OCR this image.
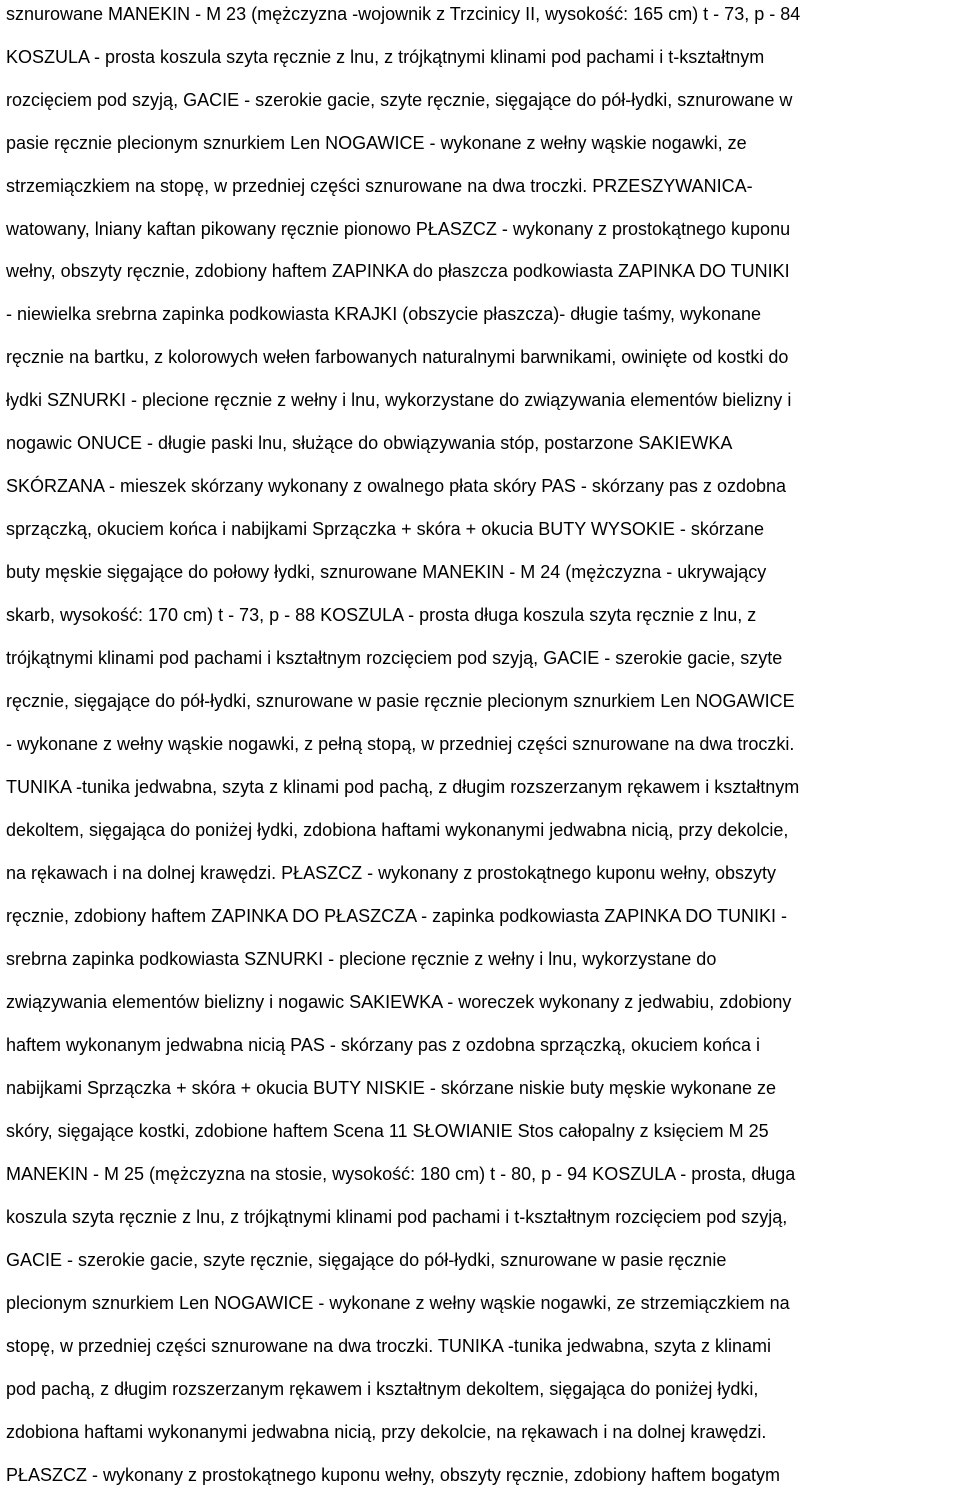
sznurowane MANEKIN - M 23 (mężczyzna -wojownik z Trzcinicy II, wysokość: 165 cm) t - 73, p - 84
KOSZULA - prosta koszula szyta ręcznie z lnu, z trójkątnymi klinami pod pachami i t-kształtnym
rozcięciem pod szyją, GACIE - szerokie gacie, szyte ręcznie, sięgające do pół-łydki, sznurowane w
pasie ręcznie plecionym sznurkiem Len NOGAWICE - wykonane z wełny wąskie nogawki, ze
strzemiączkiem na stopę, w przedniej części sznurowane na dwa troczki. PRZESZYWANICA-
watowany, lniany kaftan pikowany ręcznie pionowo PŁASZCZ - wykonany z prostokątnego kuponu
wełny, obszyty ręcznie, zdobiony haftem ZAPINKA do płaszcza podkowiasta ZAPINKA DO TUNIKI
- niewielka srebrna zapinka podkowiasta KRAJKI (obszycie płaszcza)- długie taśmy, wykonane
ręcznie na bartku, z kolorowych wełen farbowanych naturalnymi barwnikami, owinięte od kostki do
łydki SZNURKI - plecione ręcznie z wełny i lnu, wykorzystane do związywania elementów bielizny i
nogawic ONUCE - długie paski lnu, służące do obwiązywania stóp, postarzone SAKIEWKA
SKÓRZANA - mieszek skórzany wykonany z owalnego płata skóry PAS - skórzany pas z ozdobna
sprzączką, okuciem końca i nabijkami Sprzączka + skóra + okucia BUTY WYSOKIE - skórzane
buty męskie sięgające do połowy łydki, sznurowane MANEKIN - M 24 (mężczyzna - ukrywający
skarb, wysokość: 170 cm) t - 73, p - 88 KOSZULA - prosta długa koszula szyta ręcznie z lnu, z
trójkątnymi klinami pod pachami i kształtnym rozcięciem pod szyją, GACIE - szerokie gacie, szyte
ręcznie, sięgające do pół-łydki, sznurowane w pasie ręcznie plecionym sznurkiem Len NOGAWICE
- wykonane z wełny wąskie nogawki, z pełną stopą, w przedniej części sznurowane na dwa troczki.
TUNIKA -tunika jedwabna, szyta z klinami pod pachą, z długim rozszerzanym rękawem i kształtnym
dekoltem, sięgająca do poniżej łydki, zdobiona haftami wykonanymi jedwabna nicią, przy dekolcie,
na rękawach i na dolnej krawędzi. PŁASZCZ - wykonany z prostokątnego kuponu wełny, obszyty
ręcznie, zdobiony haftem ZAPINKA DO PŁASZCZA - zapinka podkowiasta ZAPINKA DO TUNIKI -
srebrna zapinka podkowiasta SZNURKI - plecione ręcznie z wełny i lnu, wykorzystane do
związywania elementów bielizny i nogawic SAKIEWKA - woreczek wykonany z jedwabiu, zdobiony
haftem wykonanym jedwabna nicią PAS - skórzany pas z ozdobna sprzączką, okuciem końca i
nabijkami Sprzączka + skóra + okucia BUTY NISKIE - skórzane niskie buty męskie wykonane ze
skóry, sięgające kostki, zdobione haftem Scena 11 SŁOWIANIE Stos całopalny z księciem M 25
MANEKIN - M 25 (mężczyzna na stosie, wysokość: 180 cm) t - 80, p - 94 KOSZULA - prosta, długa
koszula szyta ręcznie z lnu, z trójkątnymi klinami pod pachami i t-kształtnym rozcięciem pod szyją,
GACIE - szerokie gacie, szyte ręcznie, sięgające do pół-łydki, sznurowane w pasie ręcznie
plecionym sznurkiem Len NOGAWICE - wykonane z wełny wąskie nogawki, ze strzemiączkiem na
stopę, w przedniej części sznurowane na dwa troczki. TUNIKA -tunika jedwabna, szyta z klinami
pod pachą, z długim rozszerzanym rękawem i kształtnym dekoltem, sięgająca do poniżej łydki,
zdobiona haftami wykonanymi jedwabna nicią, przy dekolcie, na rękawach i na dolnej krawędzi.
PŁASZCZ - wykonany z prostokątnego kuponu wełny, obszyty ręcznie, zdobiony haftem bogatym
